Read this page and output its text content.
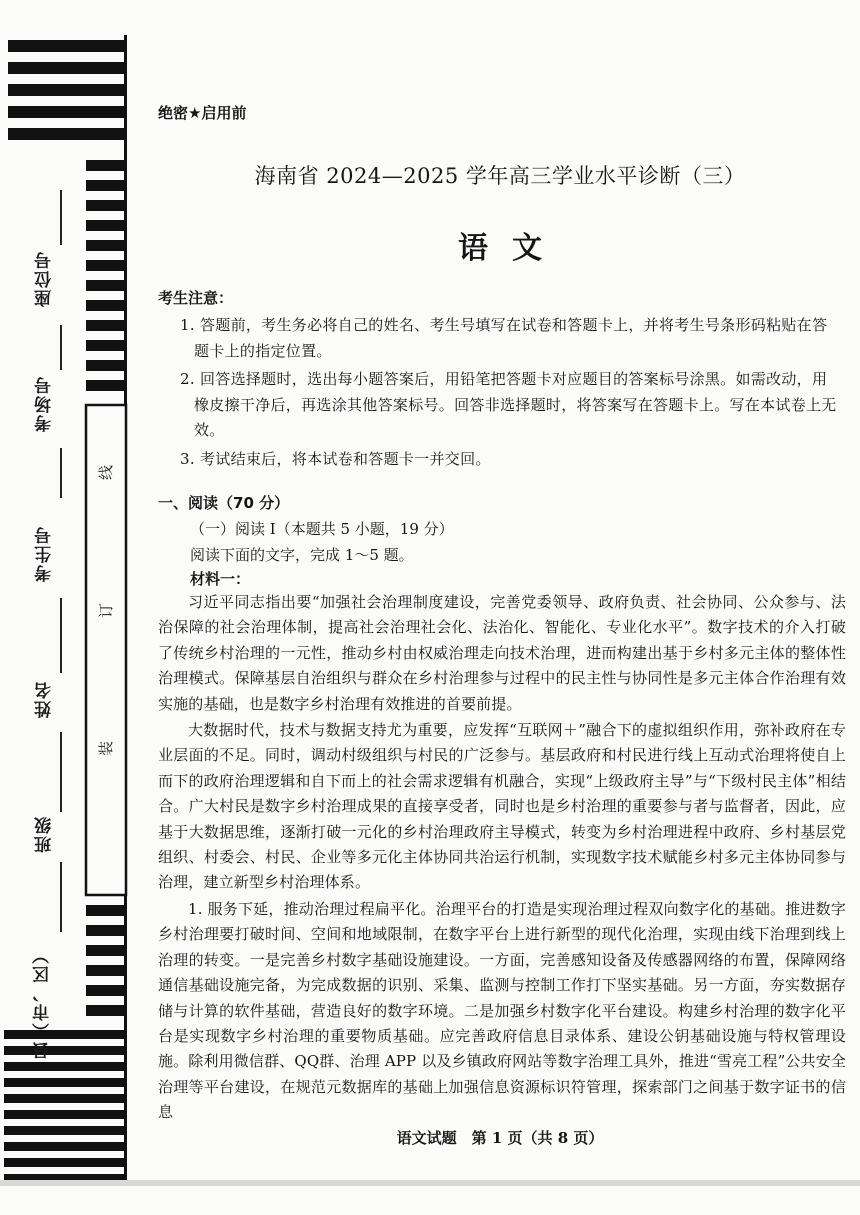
县（市、区）
班级
姓名
考生号
考场号
座位号
线
订
装
绝密★启用前
海南省 2024—2025 学年高三学业水平诊断（三）
语文
考生注意：
1. 答题前，考生务必将自己的姓名、考生号填写在试卷和答题卡上，并将考生号条形码粘贴在答题卡上的指定位置。
2. 回答选择题时，选出每小题答案后，用铅笔把答题卡对应题目的答案标号涂黑。如需改动，用橡皮擦干净后，再选涂其他答案标号。回答非选择题时，将答案写在答题卡上。写在本试卷上无效。
3. 考试结束后，将本试卷和答题卡一并交回。
一、阅读（70 分）
（一）阅读 I（本题共 5 小题，19 分）
阅读下面的文字，完成 1～5 题。
材料一：

习近平同志指出要“加强社会治理制度建设，完善党委领导、政府负责、社会协同、公众参与、法治保障的社会治理体制，提高社会治理社会化、法治化、智能化、专业化水平”。数字技术的介入打破了传统乡村治理的一元性，推动乡村由权威治理走向技术治理，进而构建出基于乡村多元主体的整体性治理模式。保障基层自治组织与群众在乡村治理参与过程中的民主性与协同性是多元主体合作治理有效实施的基础，也是数字乡村治理有效推进的首要前提。

大数据时代，技术与数据支持尤为重要，应发挥“互联网＋”融合下的虚拟组织作用，弥补政府在专业层面的不足。同时，调动村级组织与村民的广泛参与。基层政府和村民进行线上互动式治理将使自上而下的政府治理逻辑和自下而上的社会需求逻辑有机融合，实现“上级政府主导”与“下级村民主体”相结合。广大村民是数字乡村治理成果的直接享受者，同时也是乡村治理的重要参与者与监督者，因此，应基于大数据思维，逐渐打破一元化的乡村治理政府主导模式，转变为乡村治理进程中政府、乡村基层党组织、村委会、村民、企业等多元化主体协同共治运行机制，实现数字技术赋能乡村多元主体协同参与治理，建立新型乡村治理体系。

1. 服务下延，推动治理过程扁平化。治理平台的打造是实现治理过程双向数字化的基础。推进数字乡村治理要打破时间、空间和地域限制，在数字平台上进行新型的现代化治理，实现由线下治理到线上治理的转变。一是完善乡村数字基础设施建设。一方面，完善感知设备及传感器网络的布置，保障网络通信基础设施完备，为完成数据的识别、采集、监测与控制工作打下坚实基础。另一方面，夯实数据存储与计算的软件基础，营造良好的数字环境。二是加强乡村数字化平台建设。构建乡村治理的数字化平台是实现数字乡村治理的重要物质基础。应完善政府信息目录体系、建设公钥基础设施与特权管理设施。除利用微信群、QQ群、治理 APP 以及乡镇政府网站等数字治理工具外，推进“雪亮工程”公共安全治理等平台建设，在规范元数据库的基础上加强信息资源标识符管理，探索部门之间基于数字证书的信息

语文试题　第 1 页（共 8 页）
